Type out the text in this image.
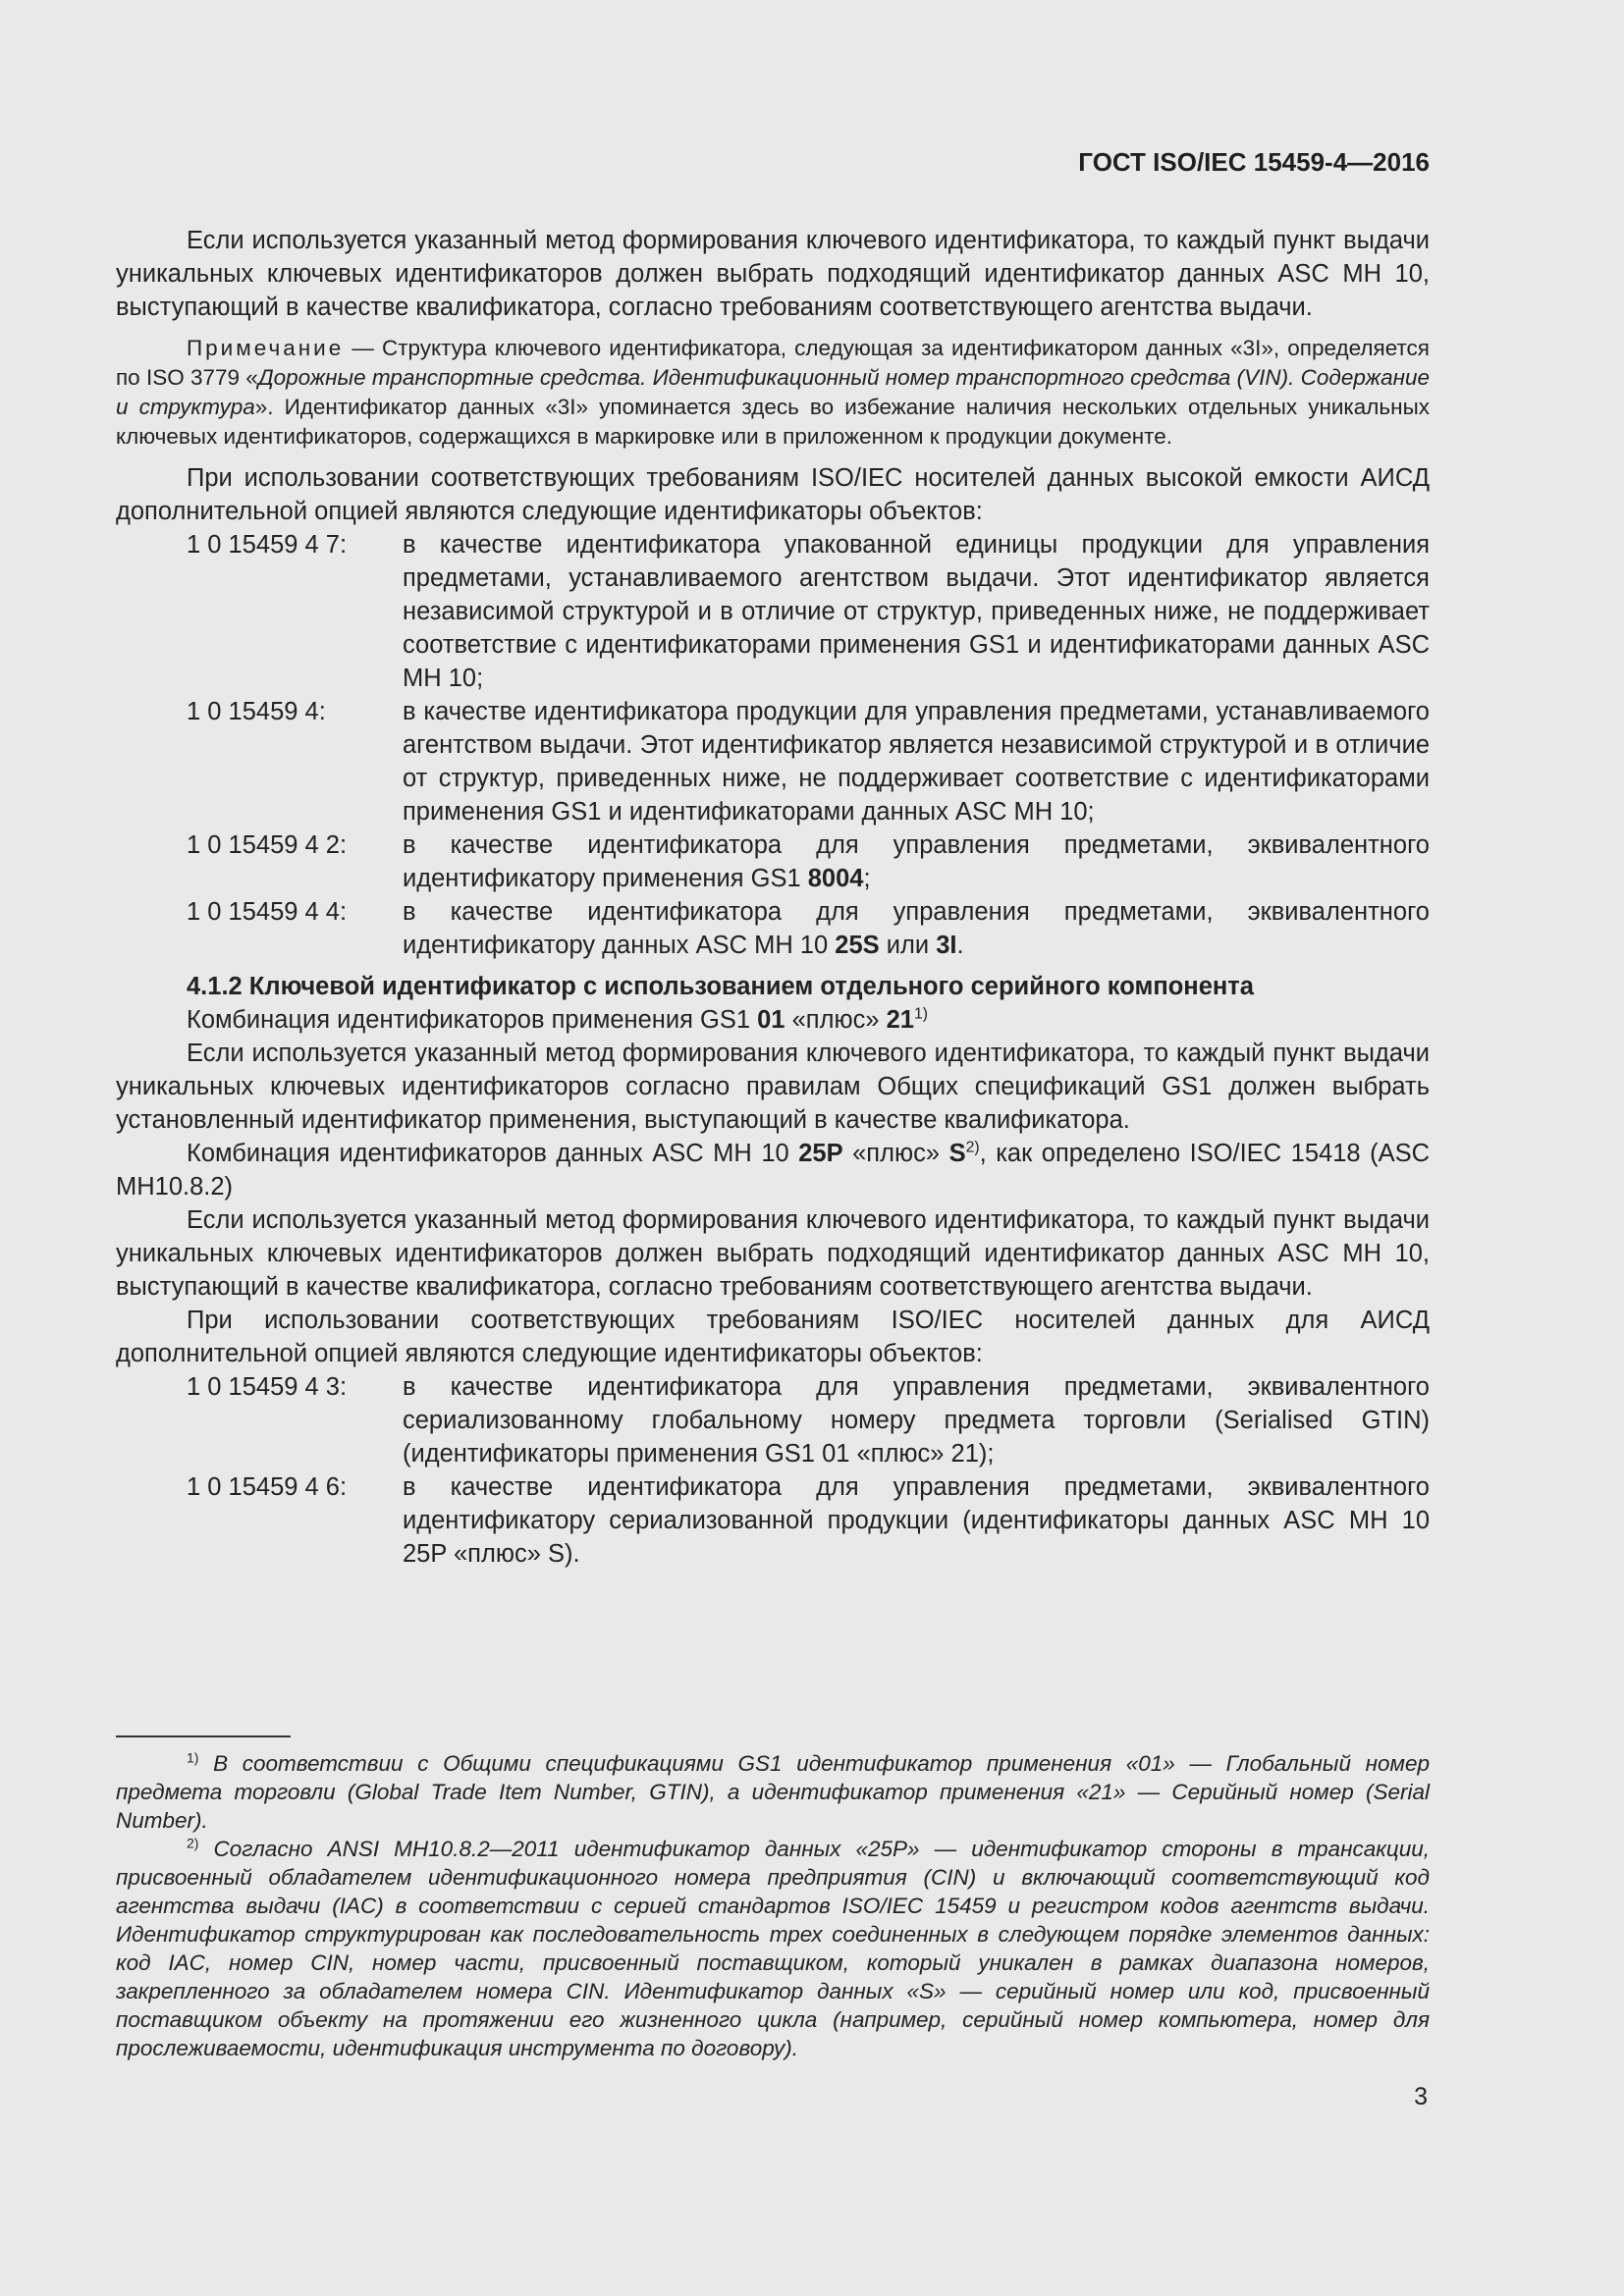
ГОСТ ISO/IEC 15459-4—2016

Если используется указанный метод формирования ключевого идентификатора, то каждый пункт выдачи уникальных ключевых идентификаторов должен выбрать подходящий идентификатор данных ASC MH 10, выступающий в качестве квалификатора, согласно требованиям соответствующего агентства выдачи.

Примечание — Структура ключевого идентификатора, следующая за идентификатором данных «3I», определяется по ISO 3779 «Дорожные транспортные средства. Идентификационный номер транспортного средства (VIN). Содержание и структура». Идентификатор данных «3I» упоминается здесь во избежание наличия нескольких отдельных уникальных ключевых идентификаторов, содержащихся в маркировке или в приложенном к продукции документе.

При использовании соответствующих требованиям ISO/IEC носителей данных высокой емкости АИСД дополнительной опцией являются следующие идентификаторы объектов:

1 0 15459 4 7:	в качестве идентификатора упакованной единицы продукции для управления предметами, устанавливаемого агентством выдачи. Этот идентификатор является независимой структурой и в отличие от структур, приведенных ниже, не поддерживает соответствие с идентификаторами применения GS1 и идентификаторами данных ASC MH 10;
1 0 15459 4:	в качестве идентификатора продукции для управления предметами, устанавливаемого агентством выдачи. Этот идентификатор является независимой структурой и в отличие от структур, приведенных ниже, не поддерживает соответствие с идентификаторами применения GS1 и идентификаторами данных ASC MH 10;
1 0 15459 4 2:	в качестве идентификатора для управления предметами, эквивалентного идентификатору применения GS1 8004;
1 0 15459 4 4:	в качестве идентификатора для управления предметами, эквивалентного идентификатору данных ASC MH 10 25S или 3I.
4.1.2 Ключевой идентификатор с использованием отдельного серийного компонента

Комбинация идентификаторов применения GS1 01 «плюс» 21$^{1)}$

Если используется указанный метод формирования ключевого идентификатора, то каждый пункт выдачи уникальных ключевых идентификаторов согласно правилам Общих спецификаций GS1 должен выбрать установленный идентификатор применения, выступающий в качестве квалификатора.

Комбинация идентификаторов данных ASC MH 10 25P «плюс» $S^{2)}$, как определено ISO/IEC 15418 (ASC MH10.8.2)

Если используется указанный метод формирования ключевого идентификатора, то каждый пункт выдачи уникальных ключевых идентификаторов должен выбрать подходящий идентификатор данных ASC MH 10, выступающий в качестве квалификатора, согласно требованиям соответствующего агентства выдачи.

При использовании соответствующих требованиям ISO/IEC носителей данных для АИСД дополнительной опцией являются следующие идентификаторы объектов:

1 0 15459 4 3:	в качестве идентификатора для управления предметами, эквивалентного сериализованному глобальному номеру предмета торговли (Serialised GTIN) (идентификаторы применения GS1 01 «плюс» 21);
1 0 15459 4 6:	в качестве идентификатора для управления предметами, эквивалентного идентификатору сериализованной продукции (идентификаторы данных ASC MH 10 25P «плюс» S).

$^{1)}$ В соответствии с Общими спецификациями GS1 идентификатор применения «01» — Глобальный номер предмета торговли (Global Trade Item Number, GTIN), а идентификатор применения «21» — Серийный номер (Serial Number).

$^{2)}$ Согласно ANSI MH10.8.2—2011 идентификатор данных «25P» — идентификатор стороны в трансакции, присвоенный обладателем идентификационного номера предприятия (CIN) и включающий соответствующий код агентства выдачи (IAC) в соответствии с серией стандартов ISO/IEC 15459 и регистром кодов агентств выдачи. Идентификатор структурирован как последовательность трех соединенных в следующем порядке элементов данных: код IAC, номер CIN, номер части, присвоенный поставщиком, который уникален в рамках диапазона номеров, закрепленного за обладателем номера CIN. Идентификатор данных «S» — серийный номер или код, присвоенный поставщиком объекту на протяжении его жизненного цикла (например, серийный номер компьютера, номер для прослеживаемости, идентификация инструмента по договору).

3
